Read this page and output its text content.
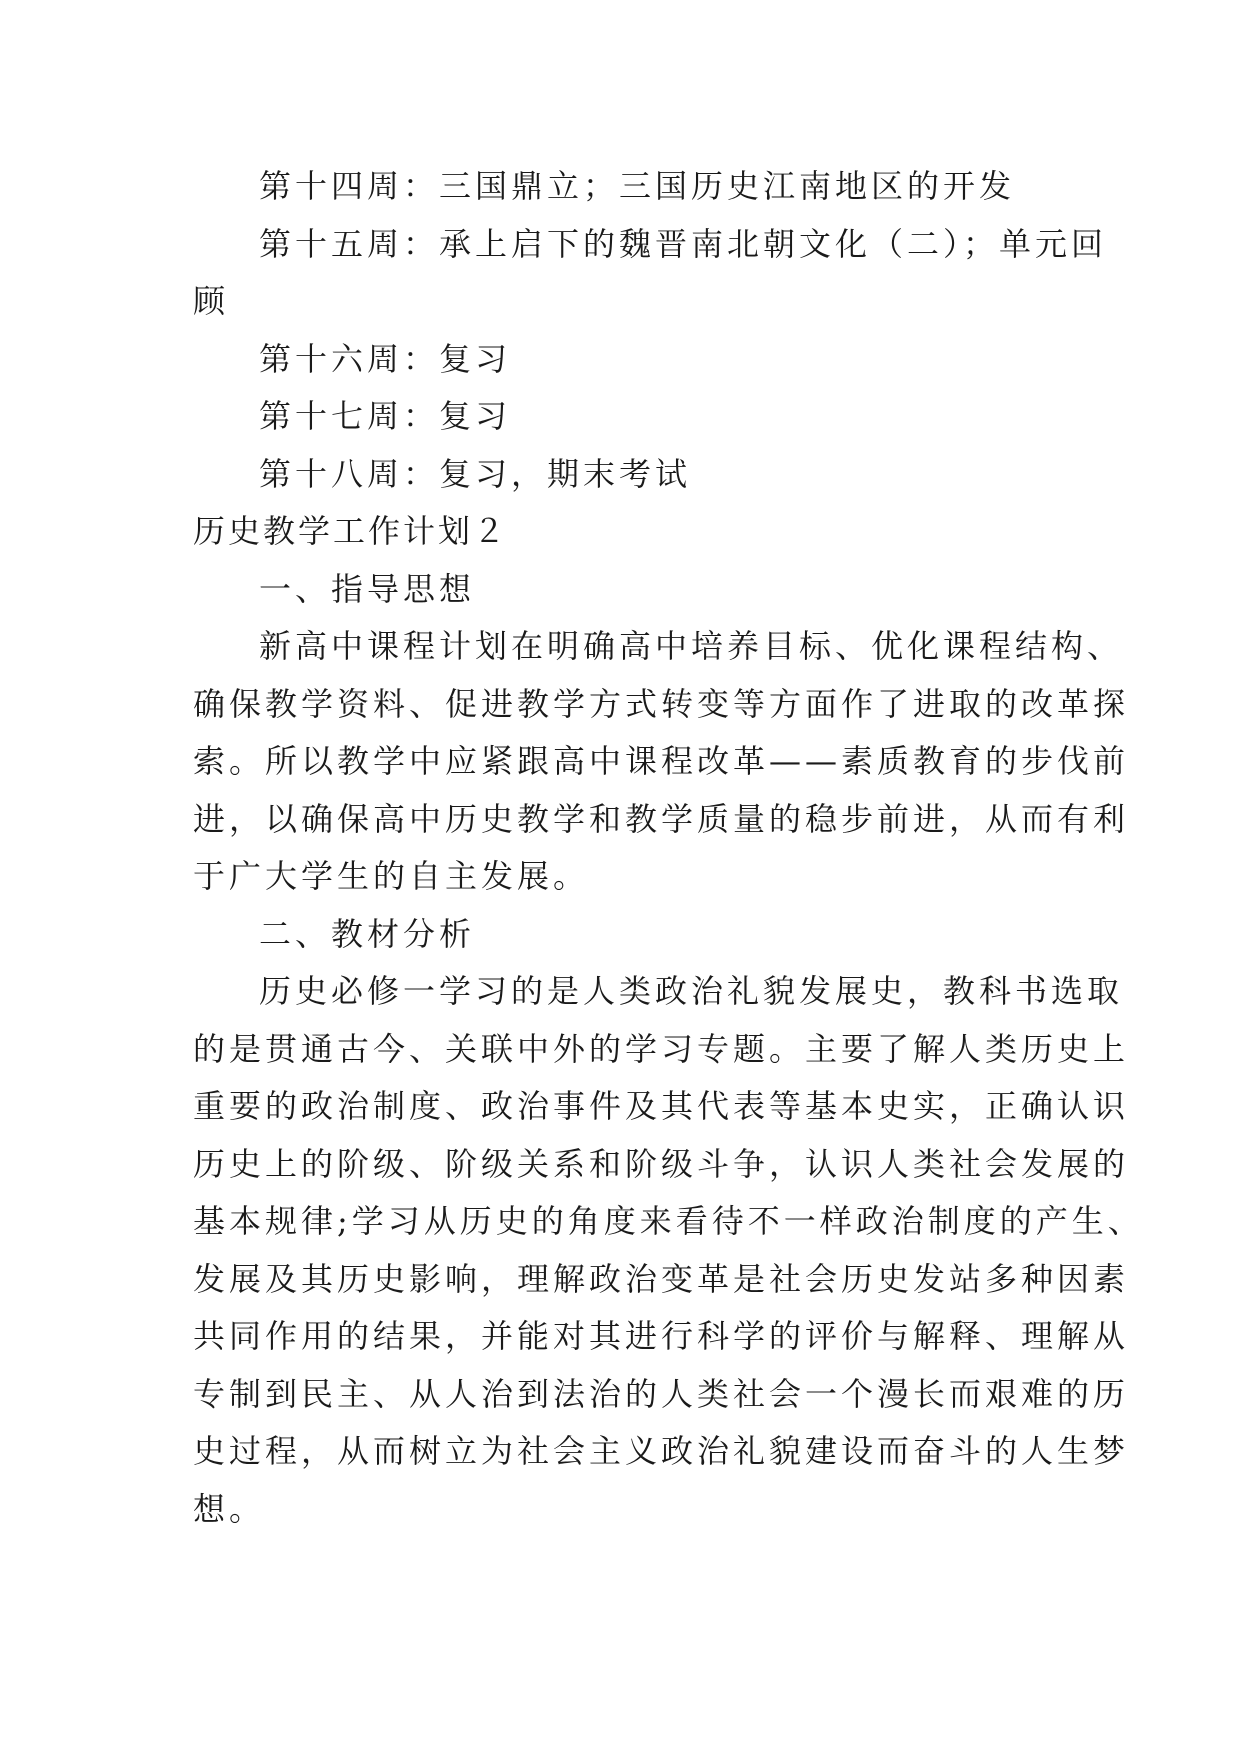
第十四周：三国鼎立；三国历史江南地区的开发

第十五周：承上启下的魏晋南北朝文化（二）；单元回

顾

第十六周：复习

第十七周：复习

第十八周：复习，期末考试

历史教学工作计划２

一、指导思想

新高中课程计划在明确高中培养目标、优化课程结构、

确保教学资料、促进教学方式转变等方面作了进取的改革探

索。所以教学中应紧跟高中课程改革——素质教育的步伐前

进，以确保高中历史教学和教学质量的稳步前进，从而有利

于广大学生的自主发展。

二、教材分析

历史必修一学习的是人类政治礼貌发展史，教科书选取

的是贯通古今、关联中外的学习专题。主要了解人类历史上

重要的政治制度、政治事件及其代表等基本史实，正确认识

历史上的阶级、阶级关系和阶级斗争，认识人类社会发展的

基本规律;学习从历史的角度来看待不一样政治制度的产生、

发展及其历史影响，理解政治变革是社会历史发站多种因素

共同作用的结果，并能对其进行科学的评价与解释、理解从

专制到民主、从人治到法治的人类社会一个漫长而艰难的历

史过程，从而树立为社会主义政治礼貌建设而奋斗的人生梦

想。
